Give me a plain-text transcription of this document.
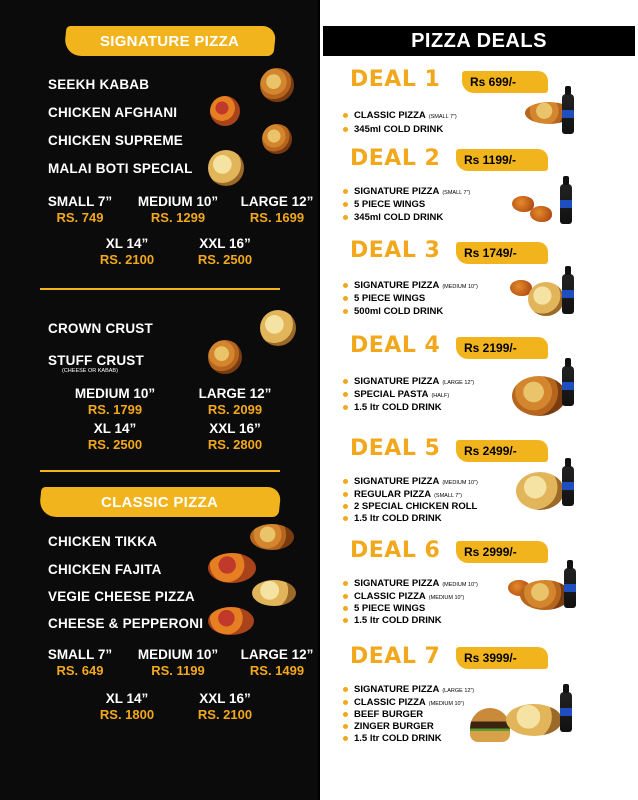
SIGNATURE PIZZA
SEEKH KABAB
CHICKEN AFGHANI
CHICKEN SUPREME
MALAI BOTI SPECIAL
SMALL 7”
RS. 749
MEDIUM 10”
RS. 1299
LARGE 12”
RS. 1699
XL 14”
RS. 2100
XXL 16”
RS. 2500
CROWN CRUST
STUFF CRUST
(CHEESE OR KABAB)
MEDIUM 10”
RS. 1799
LARGE 12”
RS. 2099
XL 14”
RS. 2500
XXL 16”
RS. 2800
CLASSIC PIZZA
CHICKEN TIKKA
CHICKEN FAJITA
VEGIE CHEESE PIZZA
CHEESE & PEPPERONI
SMALL 7”
RS. 649
MEDIUM 10”
RS. 1199
LARGE 12”
RS. 1499
XL 14”
RS. 1800
XXL 16”
RS. 2100
PIZZA DEALS
DEAL 1	Rs 699/-
CLASSIC PIZZA (SMALL 7”)
345ml COLD DRINK
DEAL 2	Rs 1199/-
SIGNATURE PIZZA (SMALL 7”)
5 PIECE WINGS
345ml COLD DRINK
DEAL 3	Rs 1749/-
SIGNATURE PIZZA (MEDIUM 10”)
5 PIECE WINGS
500ml COLD DRINK
DEAL 4	Rs 2199/-
SIGNATURE PIZZA (LARGE 12”)
SPECIAL PASTA (HALF)
1.5 ltr COLD DRINK
DEAL 5	Rs 2499/-
SIGNATURE PIZZA (MEDIUM 10”)
REGULAR PIZZA (SMALL 7”)
2 SPECIAL CHICKEN ROLL
1.5 ltr COLD DRINK
DEAL 6	Rs 2999/-
SIGNATURE PIZZA (MEDIUM 10”)
CLASSIC PIZZA (MEDIUM 10”)
5 PIECE WINGS
1.5 ltr COLD DRINK
DEAL 7	Rs 3999/-
SIGNATURE PIZZA (LARGE 12”)
CLASSIC PIZZA (MEDIUM 10”)
BEEF BURGER
ZINGER BURGER
1.5 ltr COLD DRINK
